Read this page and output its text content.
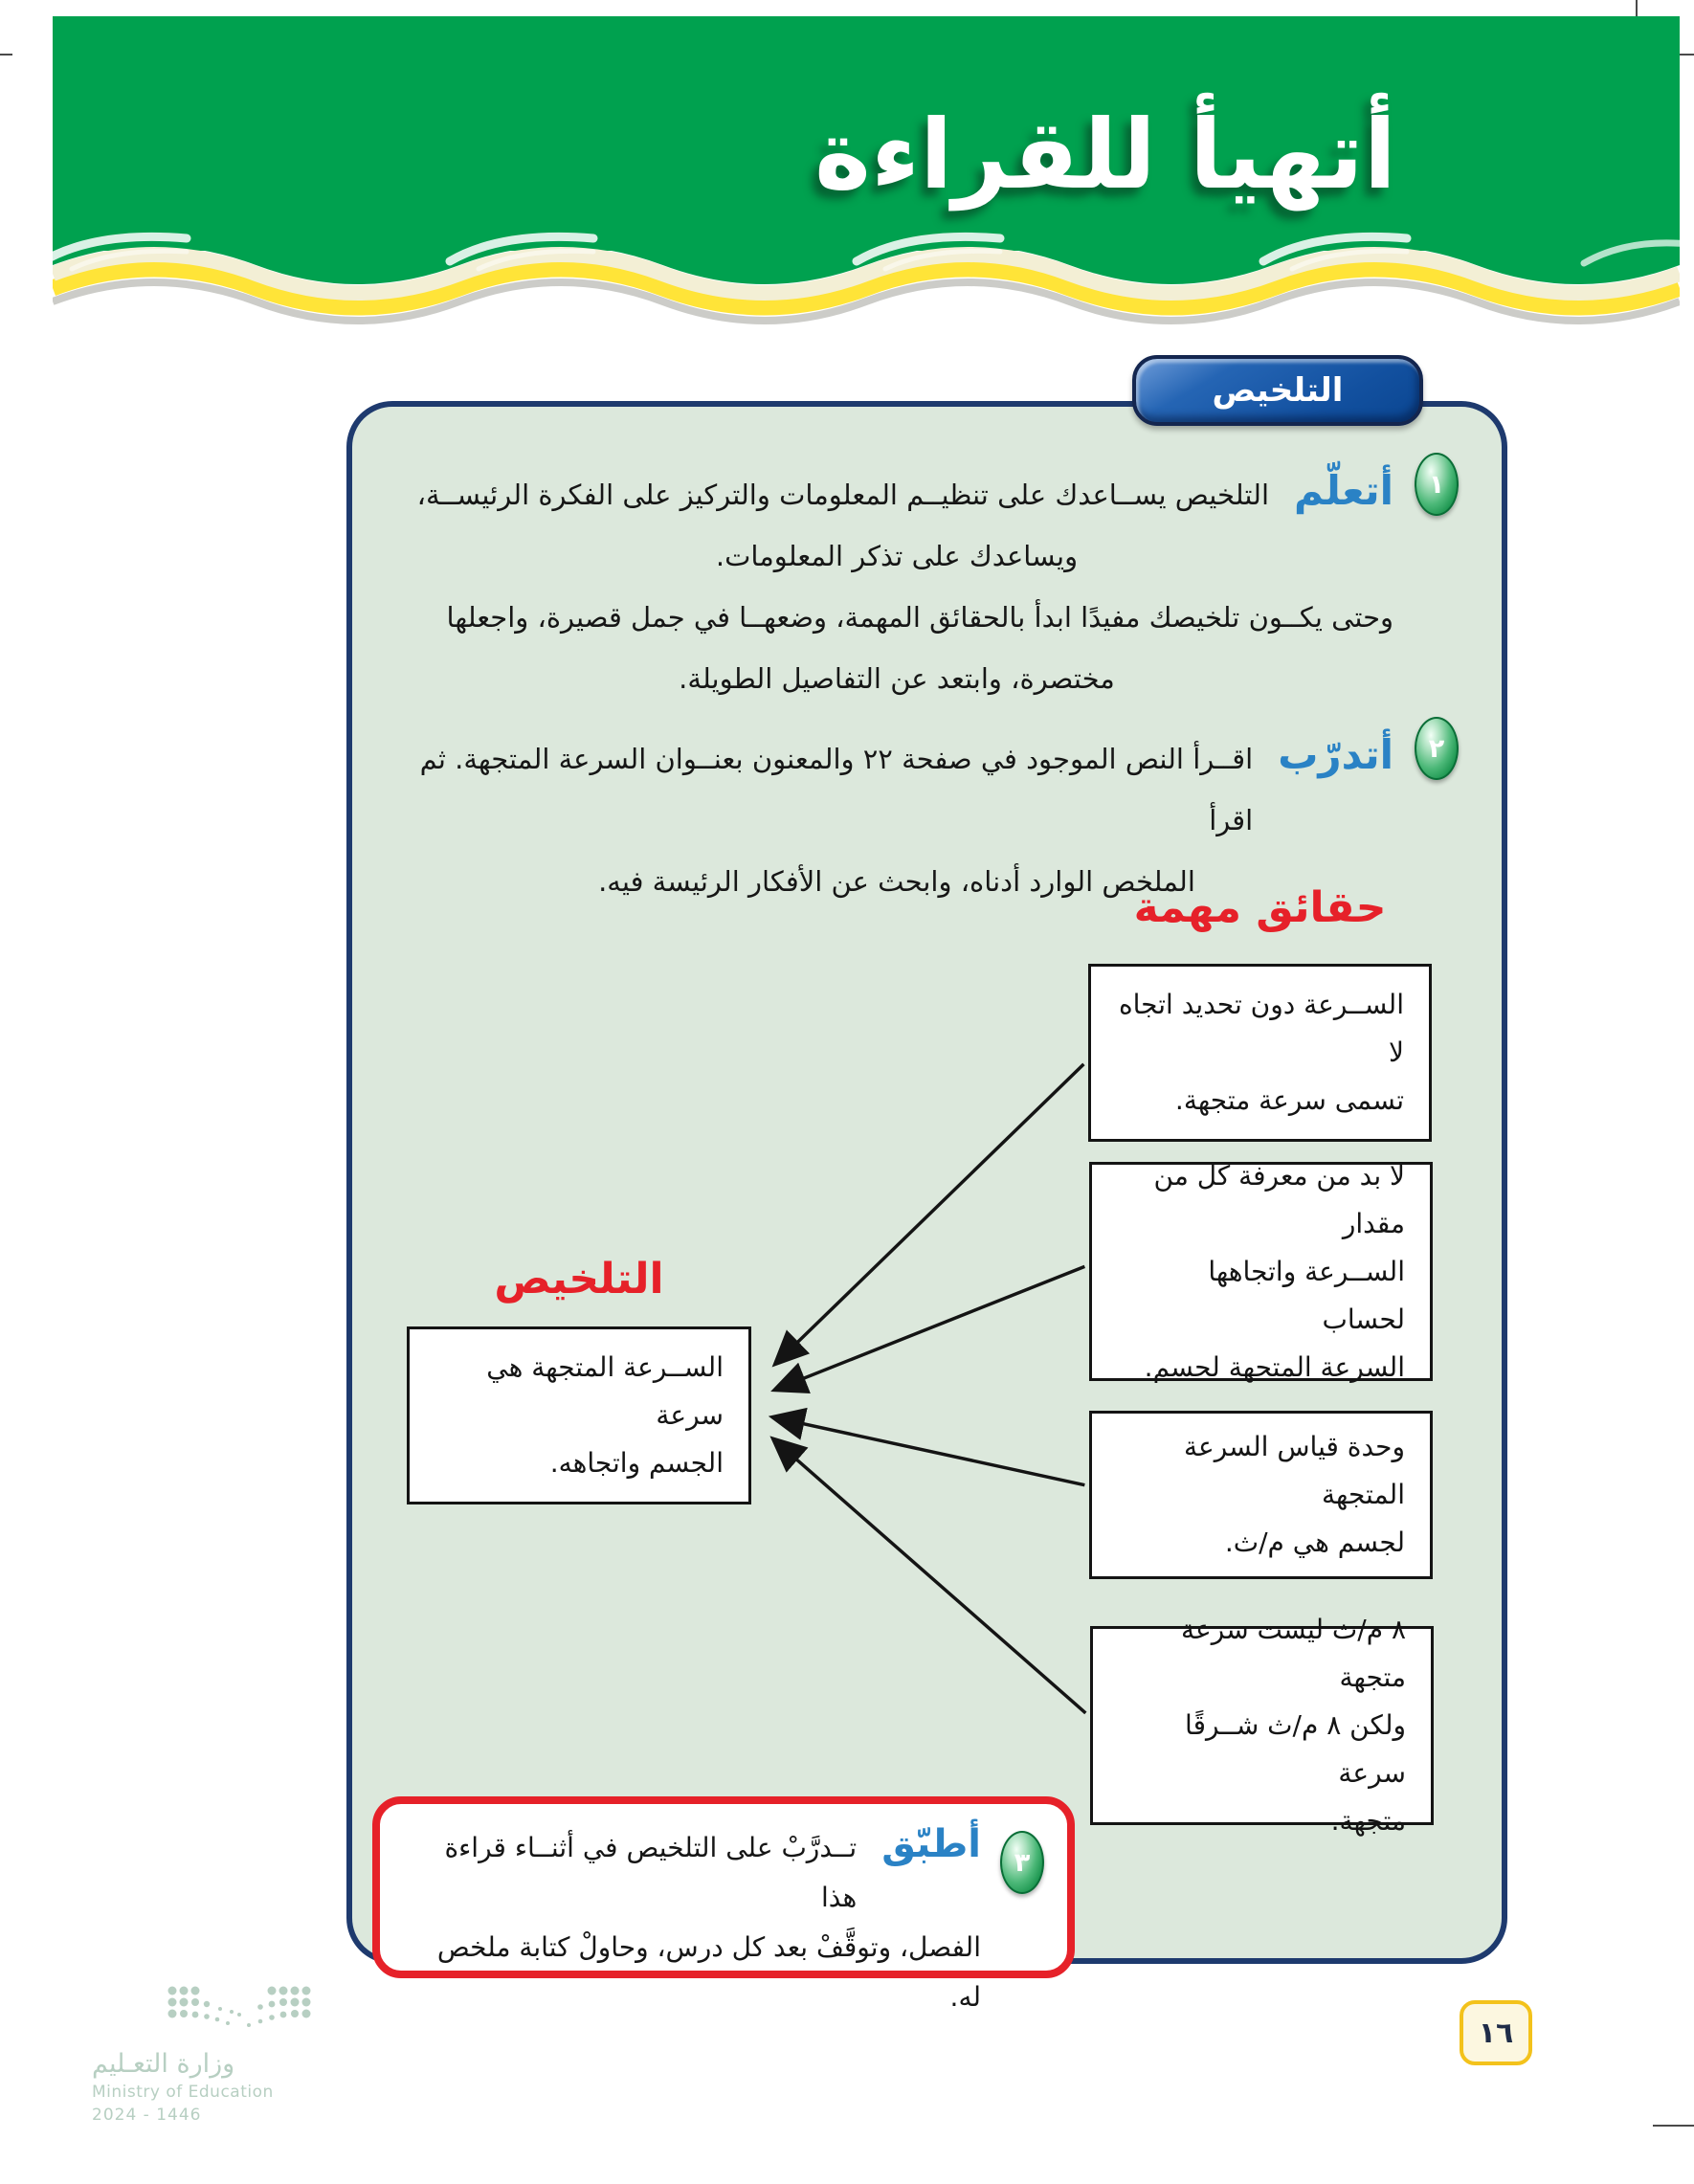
أتهيأ للقراءة
التلخيص
١
أتعلّم
التلخيص يســاعدك على تنظيــم المعلومات والتركيز على الفكرة الرئيســة،
ويساعدك على تذكر المعلومات.
وحتى يكــون تلخيصك مفيدًا ابدأ بالحقائق المهمة، وضعهــا في جمل قصيرة، واجعلها
مختصرة، وابتعد عن التفاصيل الطويلة.
٢
أتدرّب
اقــرأ النص الموجود في صفحة ٢٢ والمعنون بعنــوان السرعة المتجهة. ثم اقرأ
الملخص الوارد أدناه، وابحث عن الأفكار الرئيسة فيه.
حقائق مهمة
الســرعة دون تحديد اتجاه لا
تسمى سرعة متجهة.
لا بد من معرفة كل من مقدار
الســرعة واتجاهها لحساب
السرعة المتجهة لجسم.
وحدة قياس السرعة المتجهة
لجسم هي م/ث.
٨ م/ث ليست سرعة متجهة
ولكن ٨ م/ث شــرقًا سرعة
متجهة.
التلخيص
الســرعة المتجهة هي سرعة
الجسم واتجاهه.
٣
أطبّق
تــدرَّبْ على التلخيص في أثنــاء قراءة هذا
الفصل، وتوقَّفْ بعد كل درس، وحاولْ كتابة ملخص
له.
وزارة التعـليم
Ministry of Education
2024 - 1446
١٦
